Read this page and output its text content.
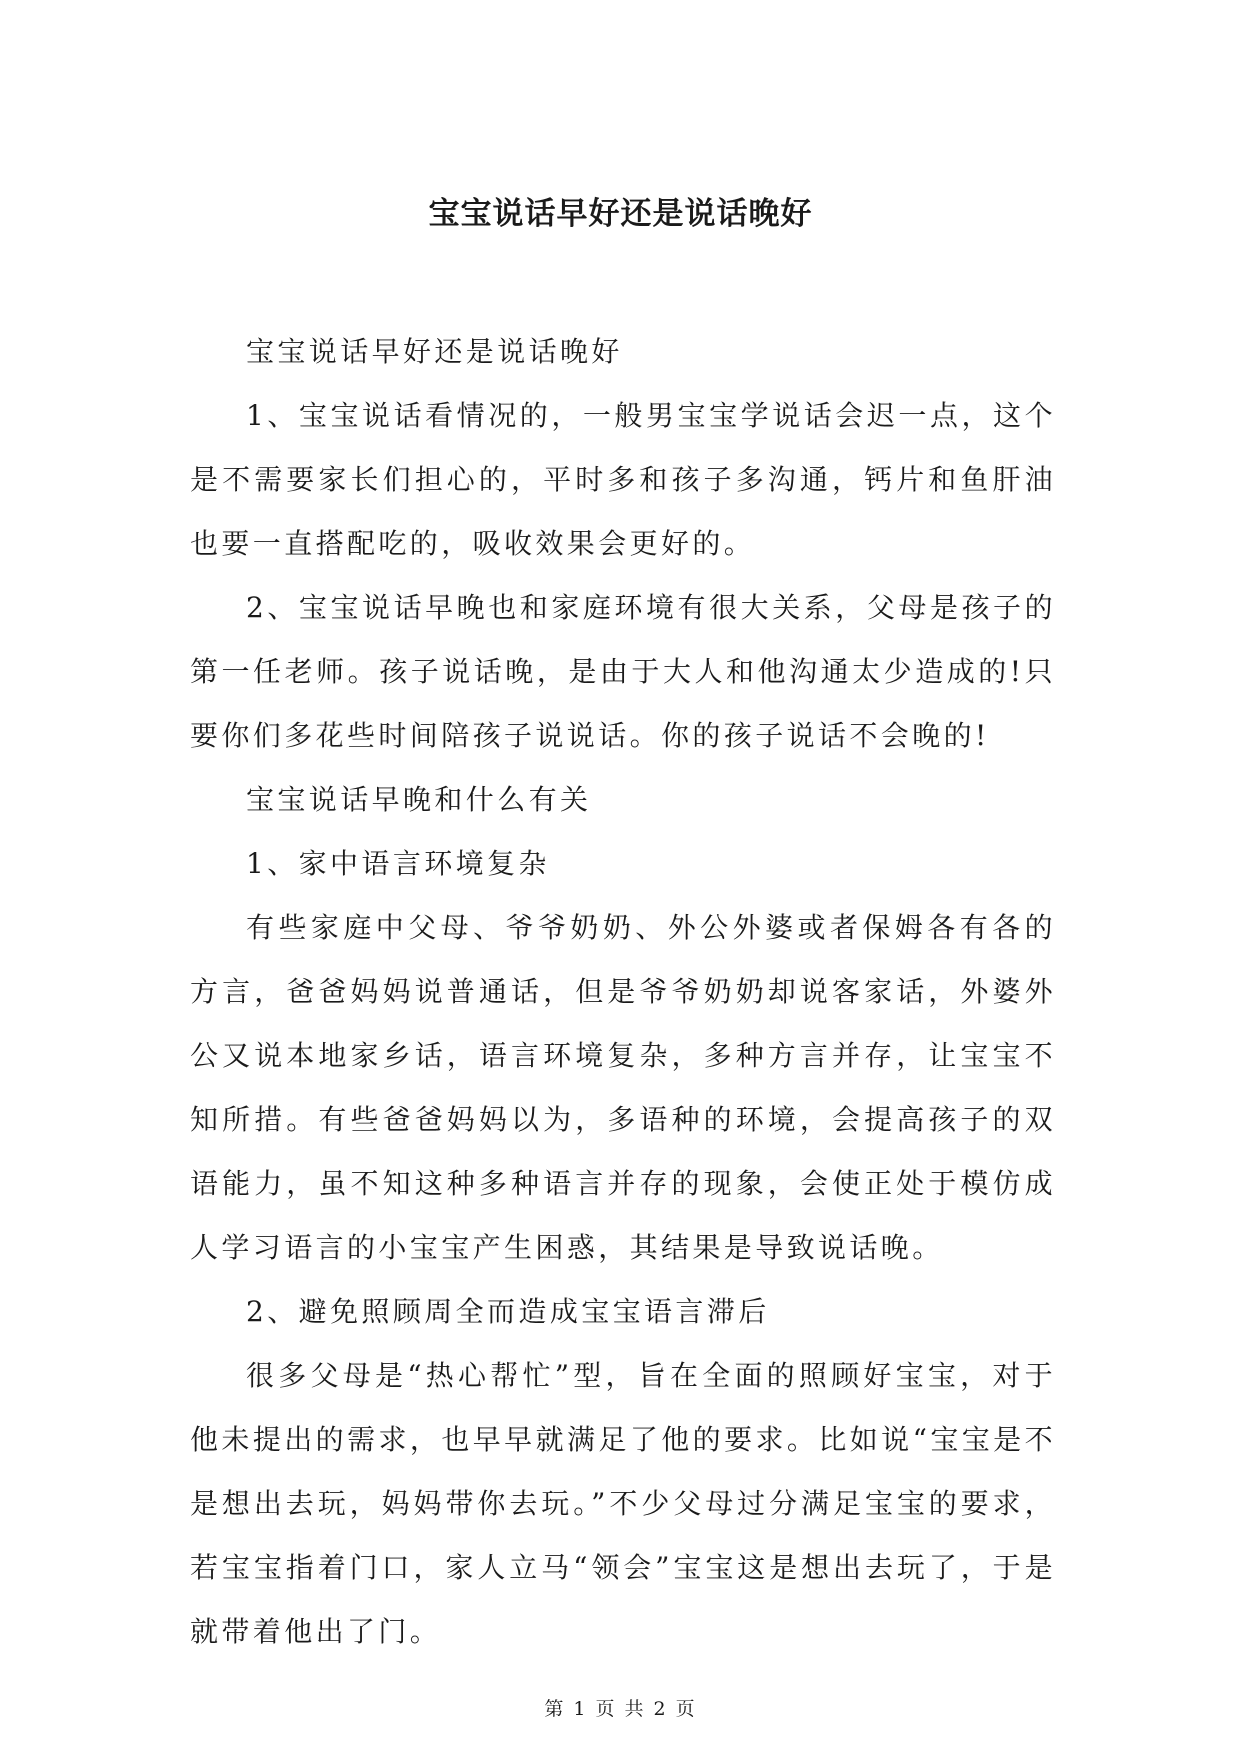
宝宝说话早好还是说话晚好

宝宝说话早好还是说话晚好

1、宝宝说话看情况的，一般男宝宝学说话会迟一点，这个是不需要家长们担心的，平时多和孩子多沟通，钙片和鱼肝油也要一直搭配吃的，吸收效果会更好的。

2、宝宝说话早晚也和家庭环境有很大关系，父母是孩子的第一任老师。孩子说话晚，是由于大人和他沟通太少造成的!只要你们多花些时间陪孩子说说话。你的孩子说话不会晚的!

宝宝说话早晚和什么有关

1、家中语言环境复杂

有些家庭中父母、爷爷奶奶、外公外婆或者保姆各有各的方言，爸爸妈妈说普通话，但是爷爷奶奶却说客家话，外婆外公又说本地家乡话，语言环境复杂，多种方言并存，让宝宝不知所措。有些爸爸妈妈以为，多语种的环境，会提高孩子的双语能力，虽不知这种多种语言并存的现象，会使正处于模仿成人学习语言的小宝宝产生困惑，其结果是导致说话晚。

2、避免照顾周全而造成宝宝语言滞后

很多父母是“热心帮忙”型，旨在全面的照顾好宝宝，对于他未提出的需求，也早早就满足了他的要求。比如说“宝宝是不是想出去玩，妈妈带你去玩。”不少父母过分满足宝宝的要求，若宝宝指着门口，家人立马“领会”宝宝这是想出去玩了，于是就带着他出了门。

第 1 页 共 2 页
